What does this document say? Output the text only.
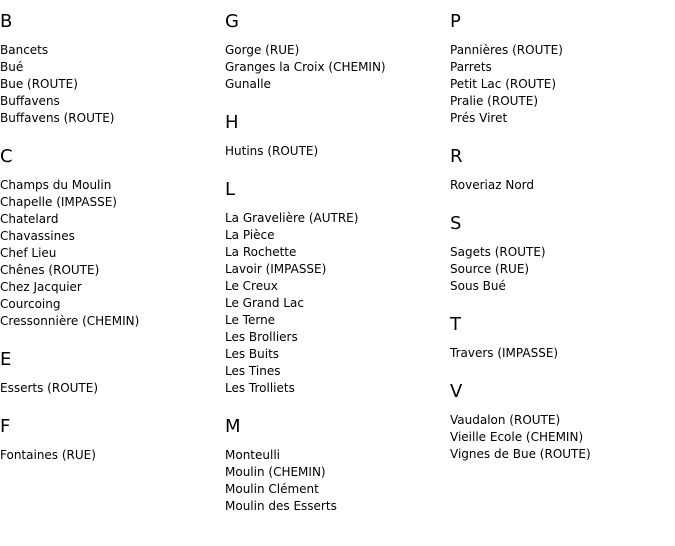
B
Bancets
Bué
Bue (ROUTE)
Buffavens
Buffavens (ROUTE)
C
Champs du Moulin
Chapelle (IMPASSE)
Chatelard
Chavassines
Chef Lieu
Chênes (ROUTE)
Chez Jacquier
Courcoing
Cressonnière (CHEMIN)
E
Esserts (ROUTE)
F
Fontaines (RUE)
G
Gorge (RUE)
Granges la Croix (CHEMIN)
Gunalle
H
Hutins (ROUTE)
L
La Gravelière (AUTRE)
La Pièce
La Rochette
Lavoir (IMPASSE)
Le Creux
Le Grand Lac
Le Terne
Les Brolliers
Les Buits
Les Tines
Les Trolliets
M
Monteulli
Moulin (CHEMIN)
Moulin Clément
Moulin des Esserts
P
Pannières (ROUTE)
Parrets
Petit Lac (ROUTE)
Pralie (ROUTE)
Prés Viret
R
Roveriaz Nord
S
Sagets (ROUTE)
Source (RUE)
Sous Bué
T
Travers (IMPASSE)
V
Vaudalon (ROUTE)
Vieille Ecole (CHEMIN)
Vignes de Bue (ROUTE)
